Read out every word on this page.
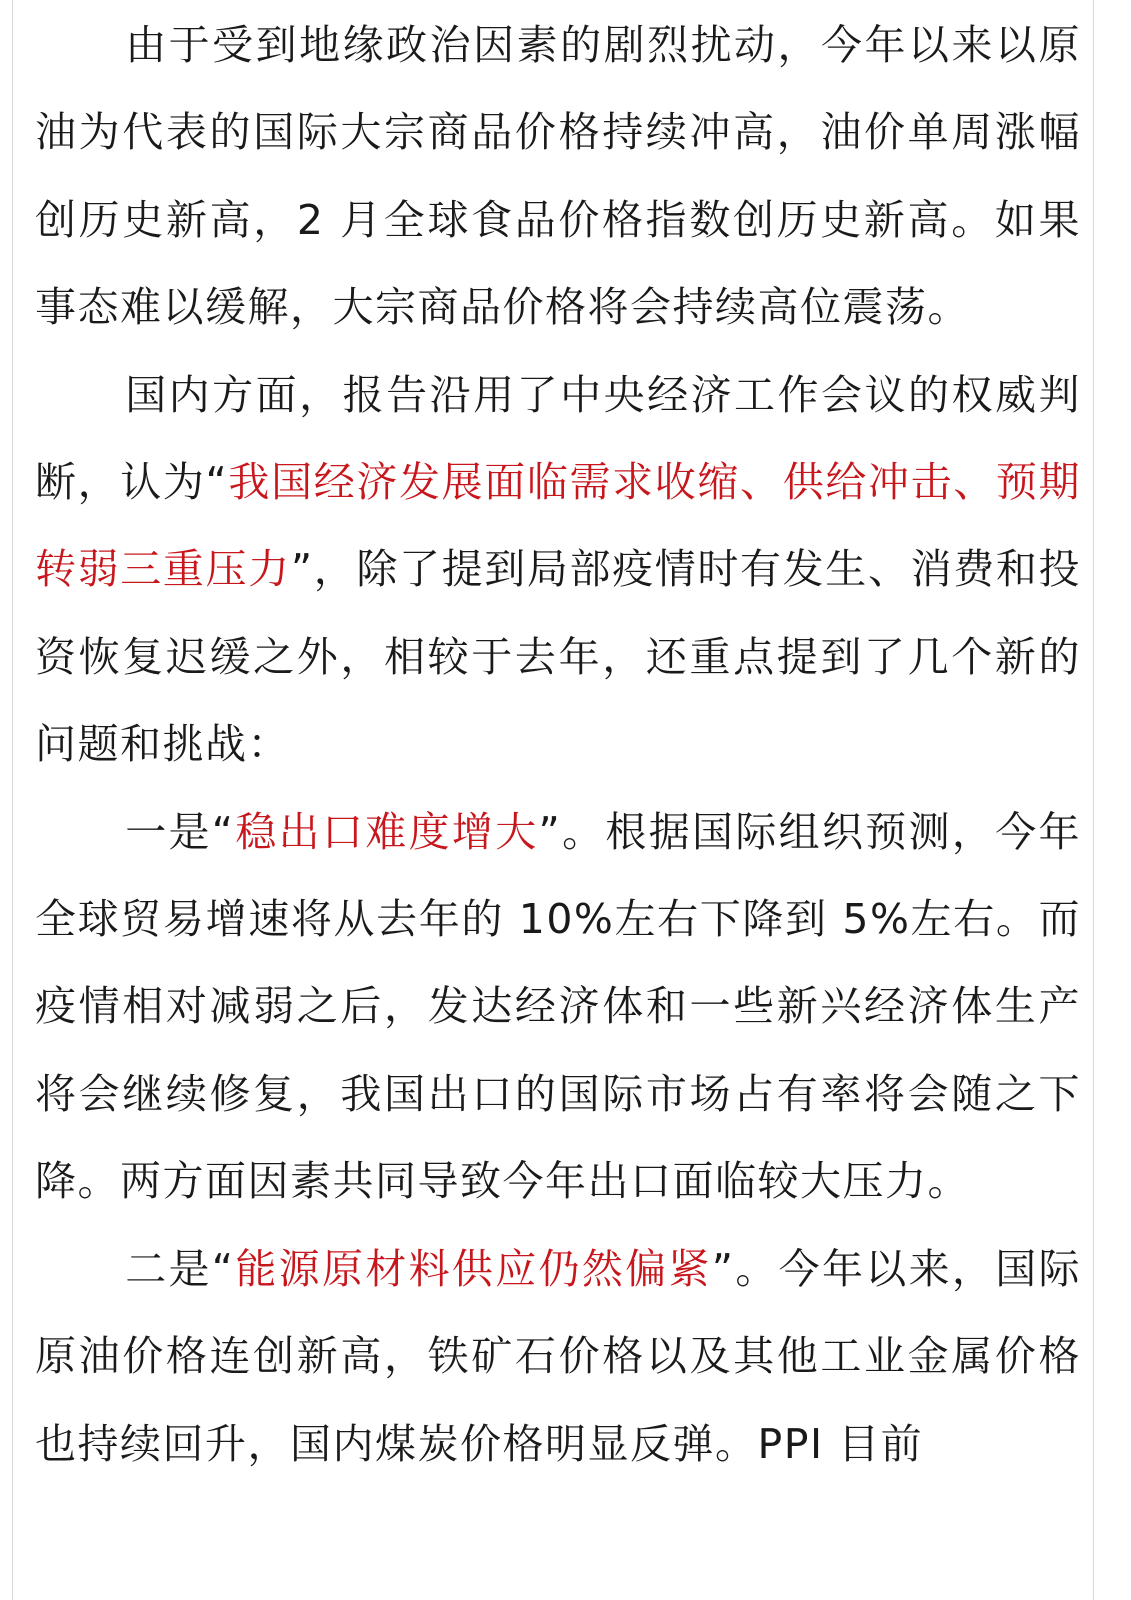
由于受到地缘政治因素的剧烈扰动，今年以来以原油为代表的国际大宗商品价格持续冲高，油价单周涨幅创历史新高，2 月全球食品价格指数创历史新高。如果事态难以缓解，大宗商品价格将会持续高位震荡。

国内方面，报告沿用了中央经济工作会议的权威判断，认为“我国经济发展面临需求收缩、供给冲击、预期转弱三重压力”，除了提到局部疫情时有发生、消费和投资恢复迟缓之外，相较于去年，还重点提到了几个新的问题和挑战：

一是“稳出口难度增大”。根据国际组织预测，今年全球贸易增速将从去年的 10%左右下降到 5%左右。而疫情相对减弱之后，发达经济体和一些新兴经济体生产将会继续修复，我国出口的国际市场占有率将会随之下降。两方面因素共同导致今年出口面临较大压力。

二是“能源原材料供应仍然偏紧”。今年以来，国际原油价格连创新高，铁矿石价格以及其他工业金属价格也持续回升，国内煤炭价格明显反弹。PPI 目前
